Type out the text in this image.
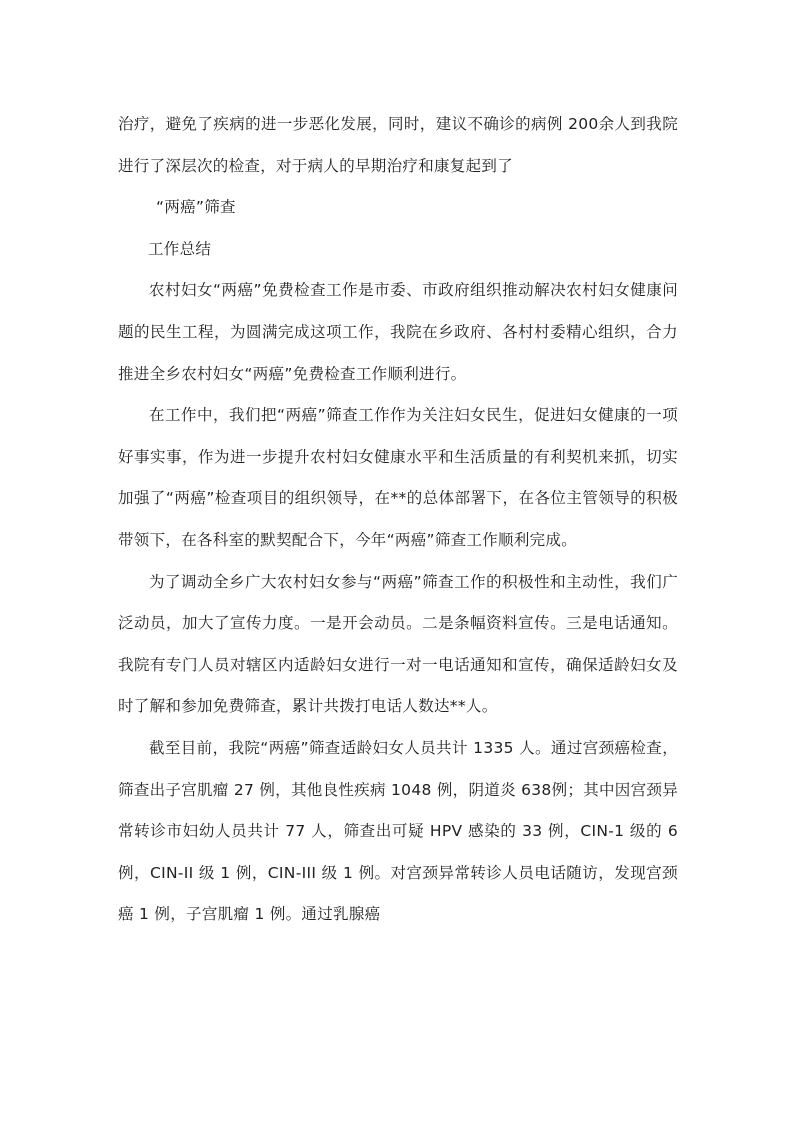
治疗，避免了疾病的进一步恶化发展，同时，建议不确诊的病例 200余人到我院进行了深层次的检查，对于病人的早期治疗和康复起到了

“两癌”筛查

工作总结

农村妇女“两癌”免费检查工作是市委、市政府组织推动解决农村妇女健康问题的民生工程，为圆满完成这项工作，我院在乡政府、各村村委精心组织，合力推进全乡农村妇女“两癌”免费检查工作顺利进行。

在工作中，我们把“两癌”筛查工作作为关注妇女民生，促进妇女健康的一项好事实事，作为进一步提升农村妇女健康水平和生活质量的有利契机来抓，切实加强了“两癌”检查项目的组织领导，在**的总体部署下，在各位主管领导的积极带领下，在各科室的默契配合下，今年“两癌”筛查工作顺利完成。

为了调动全乡广大农村妇女参与“两癌”筛查工作的积极性和主动性，我们广泛动员，加大了宣传力度。一是开会动员。二是条幅资料宣传。三是电话通知。我院有专门人员对辖区内适龄妇女进行一对一电话通知和宣传，确保适龄妇女及时了解和参加免费筛查，累计共拨打电话人数达**人。

截至目前，我院“两癌”筛查适龄妇女人员共计 1335 人。通过宫颈癌检查，筛查出子宫肌瘤 27 例，其他良性疾病 1048 例，阴道炎 638例；其中因宫颈异常转诊市妇幼人员共计 77 人，筛查出可疑 HPV 感染的 33 例，CIN-1 级的 6 例，CIN-II 级 1 例，CIN-III 级 1 例。对宫颈异常转诊人员电话随访，发现宫颈癌 1 例，子宫肌瘤 1 例。通过乳腺癌
